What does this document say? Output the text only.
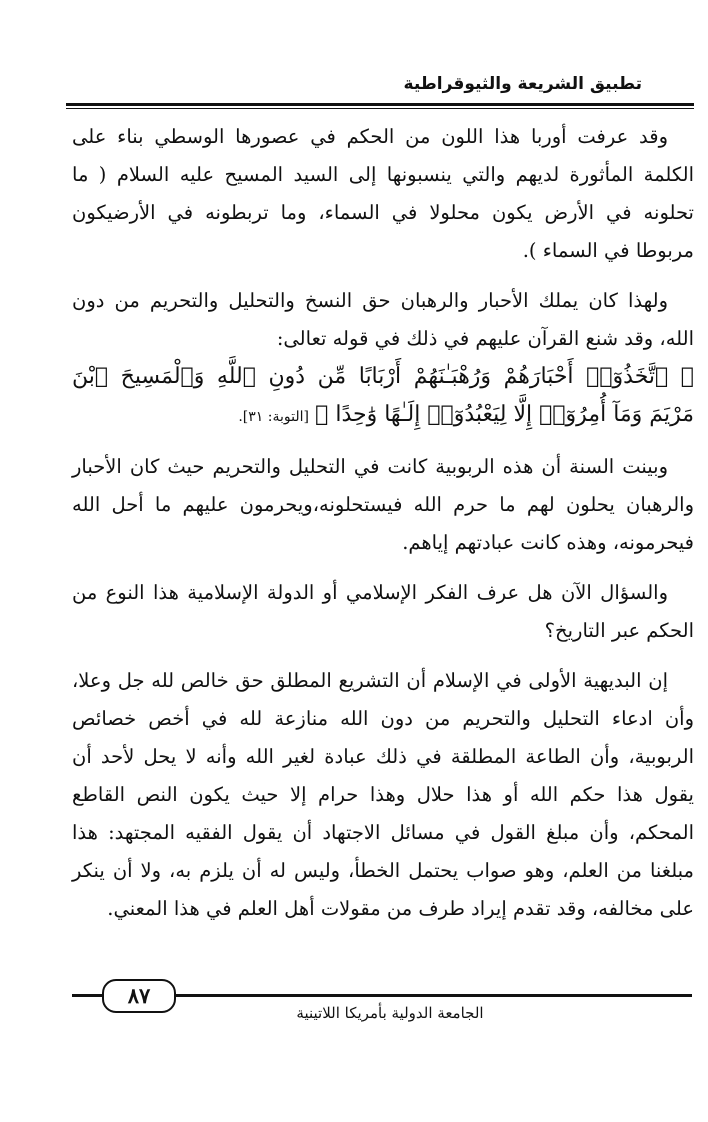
تطبيق الشريعة والثيوقراطية

وقد عرفت أوربا هذا اللون من الحكم في عصورها الوسطي بناء على الكلمة المأثورة لديهم والتي ينسبونها إلى السيد المسيح عليه السلام ( ما تحلونه في الأرض يكون محلولا في السماء، وما تربطونه في الأرضيكون مربوطا في السماء ).

ولهذا كان يملك الأحبار والرهبان حق النسخ والتحليل والتحريم من دون الله، وقد شنع القرآن عليهم في ذلك في قوله تعالى:

﴿ ٱتَّخَذُوٓا۟ أَحْبَارَهُمْ وَرُهْبَـٰنَهُمْ أَرْبَابًا مِّن دُونِ ٱللَّهِ وَٱلْمَسِيحَ ٱبْنَ مَرْيَمَ وَمَآ أُمِرُوٓا۟ إِلَّا لِيَعْبُدُوٓا۟ إِلَـٰهًا وَٰحِدًا ﴾ [التوبة: ٣١].

وبينت السنة أن هذه الربوبية كانت في التحليل والتحريم حيث كان الأحبار والرهبان يحلون لهم ما حرم الله فيستحلونه،ويحرمون عليهم ما أحل الله فيحرمونه، وهذه كانت عبادتهم إياهم.

والسؤال الآن هل عرف الفكر الإسلامي أو الدولة الإسلامية هذا النوع من الحكم عبر التاريخ؟

إن البديهية الأولى في الإسلام أن التشريع المطلق حق خالص لله جل وعلا، وأن ادعاء التحليل والتحريم من دون الله منازعة لله في أخص خصائص الربوبية، وأن الطاعة المطلقة في ذلك عبادة لغير الله وأنه لا يحل لأحد أن يقول هذا حكم الله أو هذا حلال وهذا حرام إلا حيث يكون النص القاطع المحكم، وأن مبلغ القول في مسائل الاجتهاد أن يقول الفقيه المجتهد: هذا مبلغنا من العلم، وهو صواب يحتمل الخطأ، وليس له أن يلزم به، ولا أن ينكر على مخالفه، وقد تقدم إيراد طرف من مقولات أهل العلم في هذا المعني.

٨٧
الجامعة الدولية بأمريكا اللاتينية
